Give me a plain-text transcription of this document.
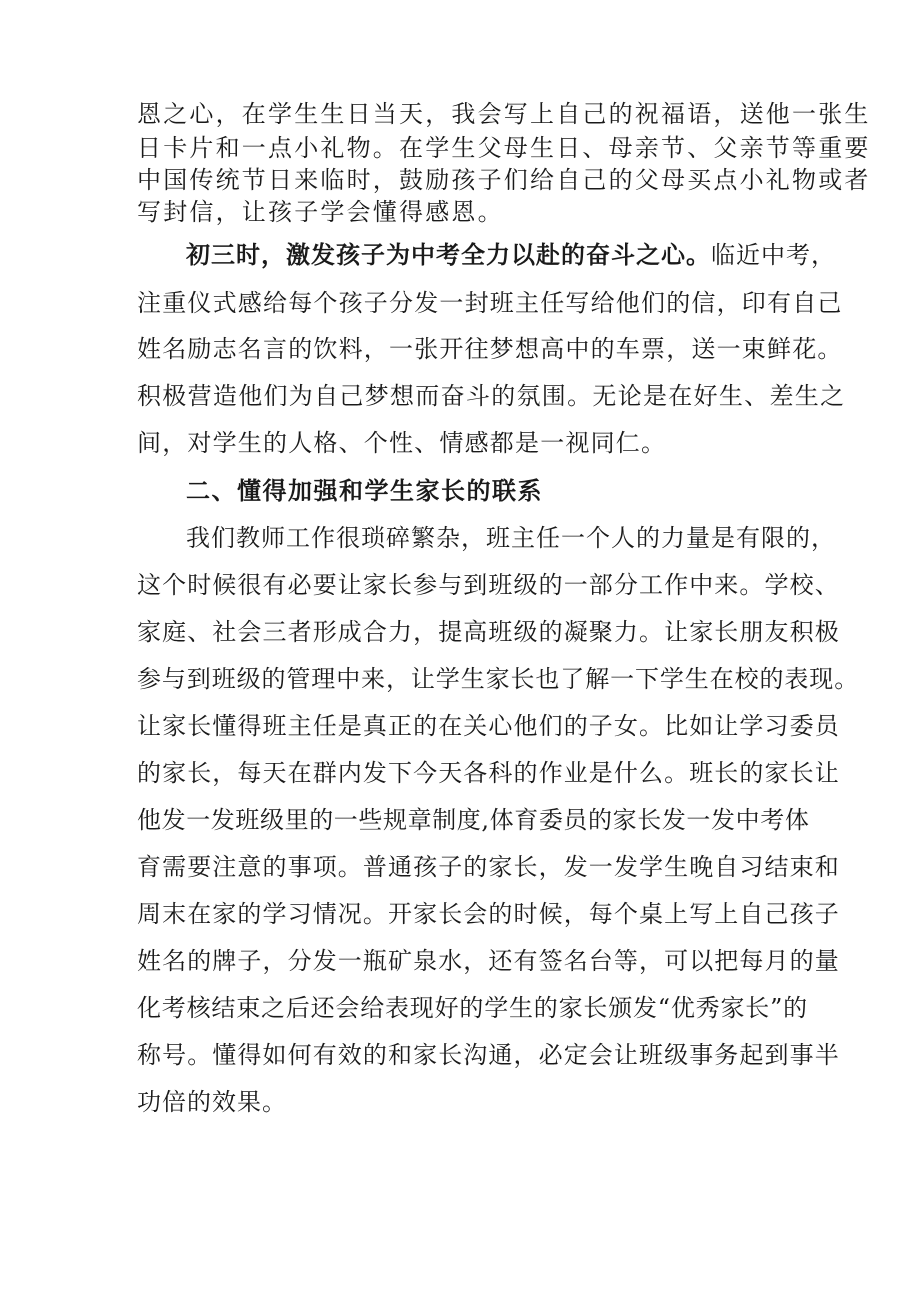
恩之心，在学生生日当天，我会写上自己的祝福语，送他一张生
日卡片和一点小礼物。在学生父母生日、母亲节、父亲节等重要
中国传统节日来临时，鼓励孩子们给自己的父母买点小礼物或者
写封信，让孩子学会懂得感恩。
初三时，激发孩子为中考全力以赴的奋斗之心。临近中考，
注重仪式感给每个孩子分发一封班主任写给他们的信，印有自己
姓名励志名言的饮料，一张开往梦想高中的车票，送一束鲜花。
积极营造他们为自己梦想而奋斗的氛围。无论是在好生、差生之
间，对学生的人格、个性、情感都是一视同仁。
二、懂得加强和学生家长的联系
我们教师工作很琐碎繁杂，班主任一个人的力量是有限的，
这个时候很有必要让家长参与到班级的一部分工作中来。学校、
家庭、社会三者形成合力，提高班级的凝聚力。让家长朋友积极
参与到班级的管理中来，让学生家长也了解一下学生在校的表现。
让家长懂得班主任是真正的在关心他们的子女。比如让学习委员
的家长，每天在群内发下今天各科的作业是什么。班长的家长让
他发一发班级里的一些规章制度,体育委员的家长发一发中考体
育需要注意的事项。普通孩子的家长，发一发学生晚自习结束和
周末在家的学习情况。开家长会的时候，每个桌上写上自己孩子
姓名的牌子，分发一瓶矿泉水，还有签名台等，可以把每月的量
化考核结束之后还会给表现好的学生的家长颁发“优秀家长”的
称号。懂得如何有效的和家长沟通，必定会让班级事务起到事半
功倍的效果。
